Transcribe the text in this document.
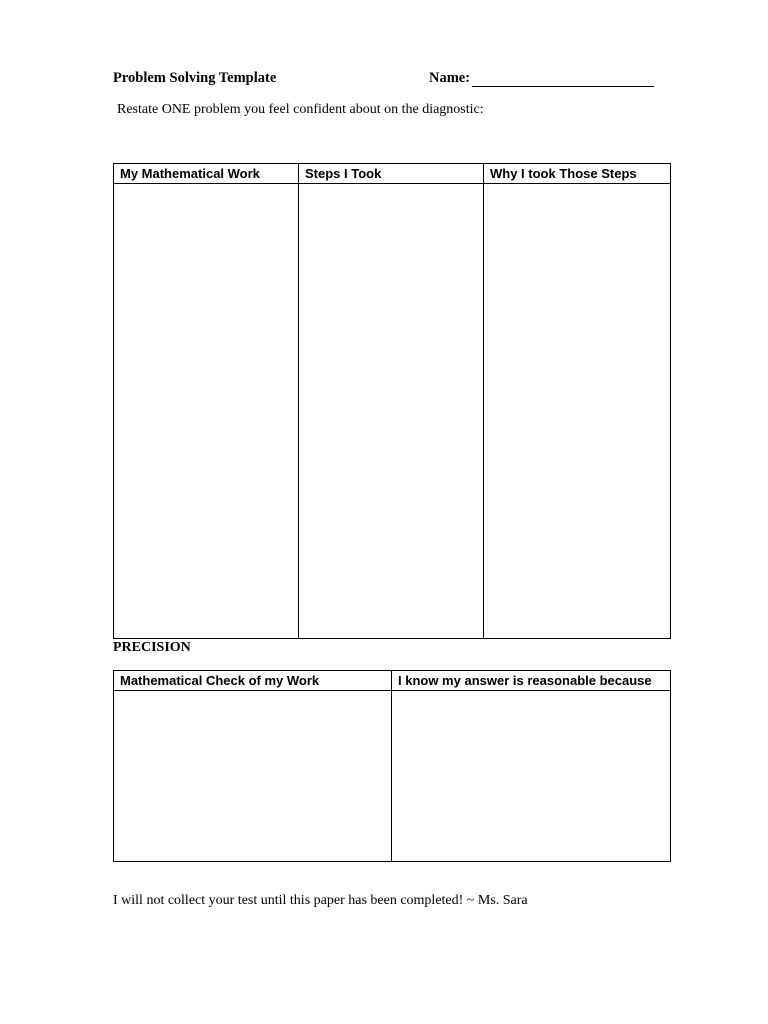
Problem Solving Template	Name:
Restate ONE problem you feel confident about on the diagnostic:
My Mathematical Work	Steps I Took	Why I took Those Steps

PRECISION
Mathematical Check of my Work	I know my answer is reasonable because

I will not collect your test until this paper has been completed! ~ Ms. Sara
